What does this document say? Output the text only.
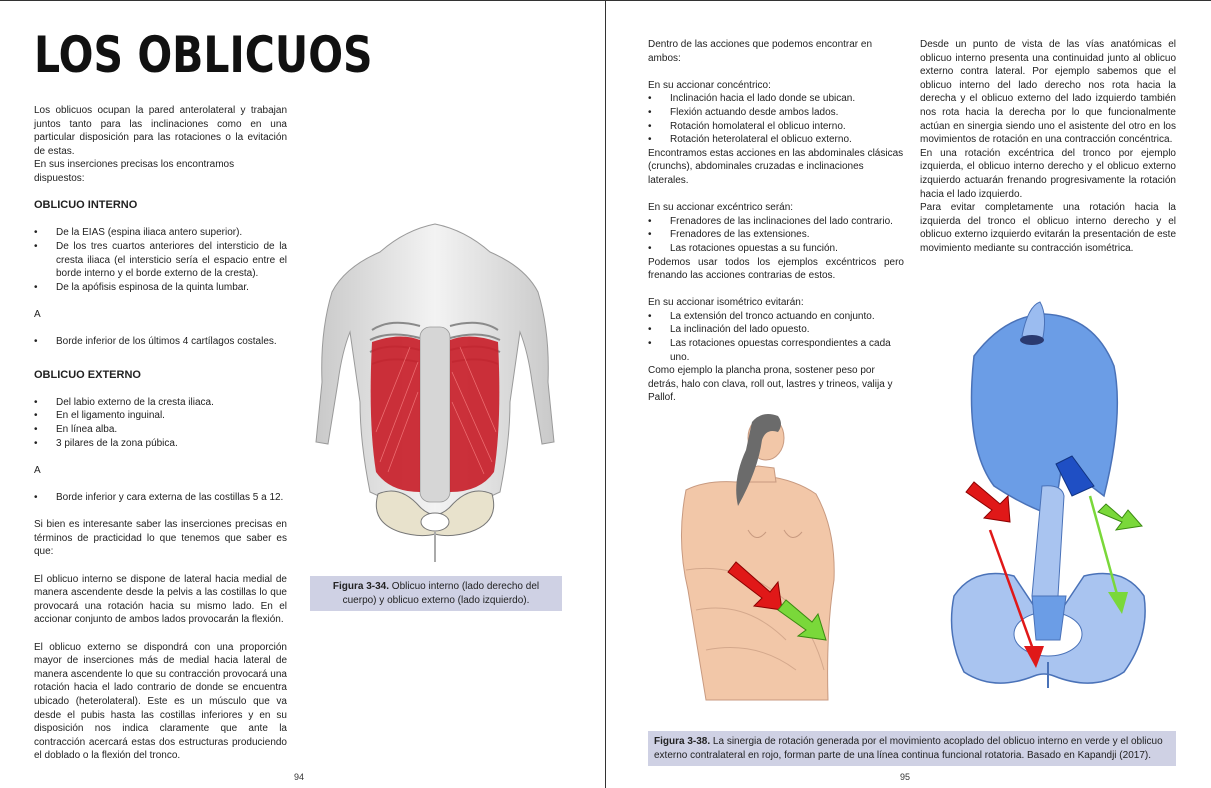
LOS OBLICUOS

Los oblicuos ocupan la pared anterolateral y trabajan juntos tanto para las inclinaciones como en una particular disposición para las rotaciones o la evitación de estas.

En sus inserciones precisas los encontramos dispuestos:

OBLICUO INTERNO

• De la EIAS (espina iliaca antero superior).
• De los tres cuartos anteriores del intersticio de la cresta iliaca (el intersticio sería el espacio entre el borde interno y el borde externo de la cresta).
• De la apófisis espinosa de la quinta lumbar.

A

• Borde inferior de los últimos 4 cartílagos costales.

OBLICUO EXTERNO

• Del labio externo de la cresta iliaca.
• En el ligamento inguinal.
• En línea alba.
• 3 pilares de la zona púbica.

A

• Borde inferior y cara externa de las costillas 5 a 12.

Si bien es interesante saber las inserciones precisas en términos de practicidad lo que tenemos que saber es que:

El oblicuo interno se dispone de lateral hacia medial de manera ascendente desde la pelvis a las costillas lo que provocará una rotación hacia su mismo lado. En el accionar conjunto de ambos lados provocarán la flexión.

El oblicuo externo se dispondrá con una proporción mayor de inserciones más de medial hacia lateral de manera ascendente lo que su contracción provocará una rotación hacia el lado contrario de donde se encuentra ubicado (heterolateral). Este es un músculo que va desde el pubis hasta las costillas inferiores y en su disposición nos indica claramente que ante la contracción acercará estas dos estructuras produciendo el doblado o la flexión del tronco.

Figura 3-34. Oblicuo interno (lado derecho del cuerpo) y oblicuo externo (lado izquierdo).
94

Dentro de las acciones que podemos encontrar en ambos:

En su accionar concéntrico:

• Inclinación hacia el lado donde se ubican.
• Flexión actuando desde ambos lados.
• Rotación homolateral el oblicuo interno.
• Rotación heterolateral el oblicuo externo.

Encontramos estas acciones en las abdominales clásicas (crunchs), abdominales cruzadas e inclinaciones laterales.

En su accionar excéntrico serán:

• Frenadores de las inclinaciones del lado contrario.
• Frenadores de las extensiones.
• Las rotaciones opuestas a su función.

Podemos usar todos los ejemplos excéntricos pero frenando las acciones contrarias de estos.

En su accionar isométrico evitarán:

• La extensión del tronco actuando en conjunto.
• La inclinación del lado opuesto.
• Las rotaciones opuestas correspondientes a cada uno.

Como ejemplo la plancha prona, sostener peso por detrás, halo con clava, roll out, lastres y trineos, valija y Pallof.

Desde un punto de vista de las vías anatómicas el oblicuo interno presenta una continuidad junto al oblicuo externo contra lateral. Por ejemplo sabemos que el oblicuo interno del lado derecho nos rota hacia la derecha y el oblicuo externo del lado izquierdo también nos rota hacia la derecha por lo que funcionalmente actúan en sinergia siendo uno el asistente del otro en los movimientos de rotación en una contracción concéntrica.

En una rotación excéntrica del tronco por ejemplo izquierda, el oblicuo interno derecho y el oblicuo externo izquierdo actuarán frenando progresivamente la rotación hacia el lado izquierdo.

Para evitar completamente una rotación hacia la izquierda del tronco el oblicuo interno derecho y el oblicuo externo izquierdo evitarán la presentación de este movimiento mediante su contracción isométrica.

Figura 3-38. La sinergia de rotación generada por el movimiento acoplado del oblicuo interno en verde y el oblicuo externo contralateral en rojo, forman parte de una línea continua funcional rotatoria. Basado en Kapandji (2017).
95
